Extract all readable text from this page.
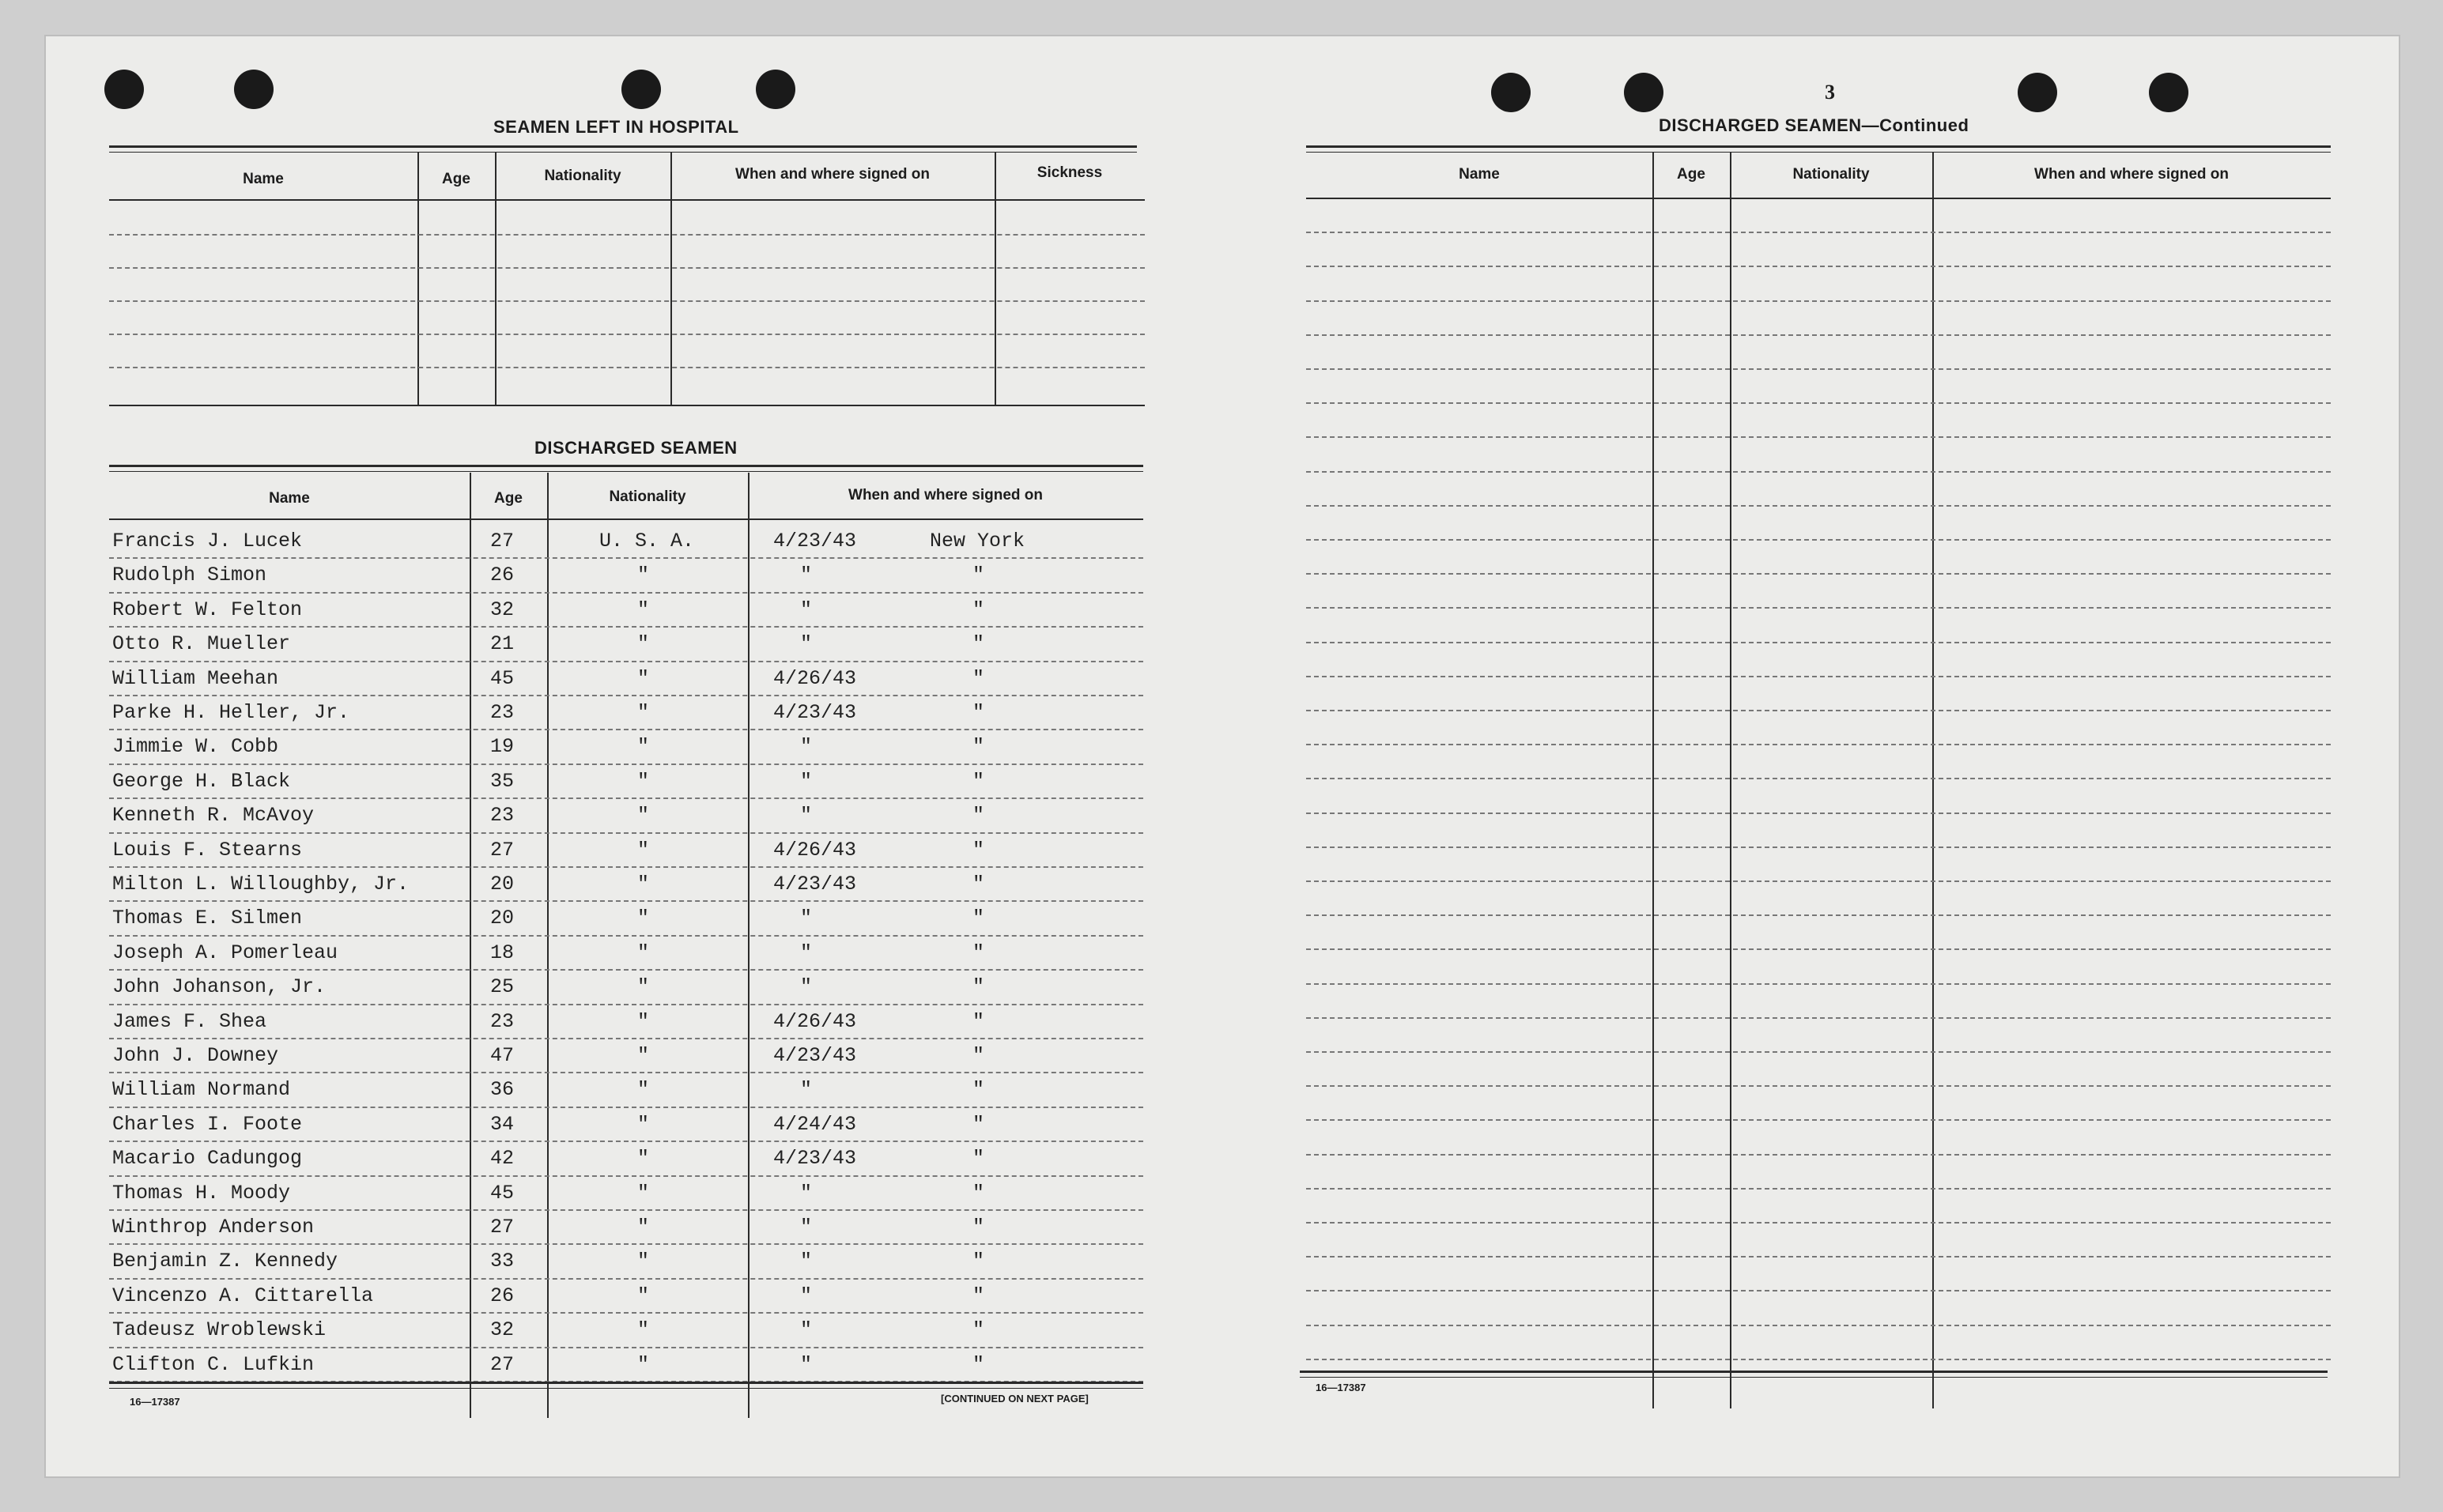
3
SEAMEN LEFT IN HOSPITAL
Name	Age	Nationality	When and where signed on	Sickness
DISCHARGED SEAMEN
Name	Age	Nationality	When and where signed on
Francis J. Lucek	27	U. S. A.	4/23/43	New York
Rudolph Simon	26	"	"	"
Robert W. Felton	32	"	"	"
Otto R. Mueller	21	"	"	"
William Meehan	45	"	4/26/43	"
Parke H. Heller, Jr.	23	"	4/23/43	"
Jimmie W. Cobb	19	"	"	"
George H. Black	35	"	"	"
Kenneth R. McAvoy	23	"	"	"
Louis F. Stearns	27	"	4/26/43	"
Milton L. Willoughby, Jr.	20	"	4/23/43	"
Thomas E. Silmen	20	"	"	"
Joseph A. Pomerleau	18	"	"	"
John Johanson, Jr.	25	"	"	"
James F. Shea	23	"	4/26/43	"
John J. Downey	47	"	4/23/43	"
William Normand	36	"	"	"
Charles I. Foote	34	"	4/24/43	"
Macario Cadungog	42	"	4/23/43	"
Thomas H. Moody	45	"	"	"
Winthrop Anderson	27	"	"	"
Benjamin Z. Kennedy	33	"	"	"
Vincenzo A. Cittarella	26	"	"	"
Tadeusz Wroblewski	32	"	"	"
Clifton C. Lufkin	27	"	"	"
16—17387	[CONTINUED ON NEXT PAGE]
DISCHARGED SEAMEN—Continued
Name	Age	Nationality	When and where signed on
16—17387
